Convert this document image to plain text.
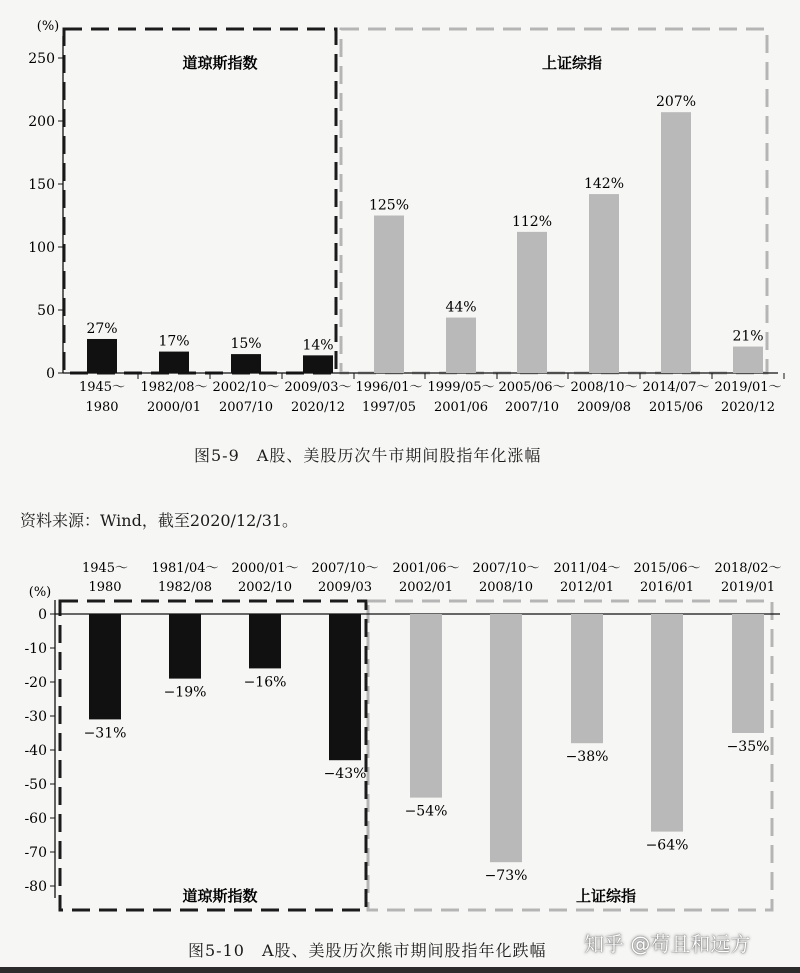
(%)
0
50
100
150
200
250
27%
1945～
1980
17%
1982/08～
2000/01
15%
2002/10～
2007/10
14%
2009/03～
2020/12
125%
1996/01～
1997/05
44%
1999/05～
2001/06
112%
2005/06～
2007/10
142%
2008/10～
2009/08
207%
2014/07～
2015/06
21%
2019/01～
2020/12
道琼斯指数	上证综指
(%)
0
-10
-20
-30
-40
-50
-60
-70
-80
−31%
1945～
1980
−19%
1981/04～
1982/08
−16%
2000/01～
2002/10
−43%
2007/10～
2009/03
−54%
2001/06～
2002/01
−73%
2007/10～
2008/10
−38%
2011/04～
2012/01
−64%
2015/06～
2016/01
−35%
2018/02～
2019/01
道琼斯指数	上证综指
图5-9　A股、美股历次牛市期间股指年化涨幅
资料来源：Wind，截至2020/12/31。
图5-10　A股、美股历次熊市期间股指年化跌幅 知乎 @苟且和远方
